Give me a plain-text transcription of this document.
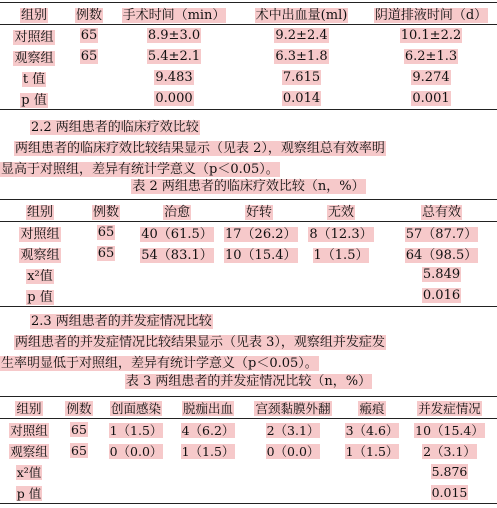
组别	例数	手术时间（min）	术中出血量(ml)	阴道排液时间（d）
对照组	65	8.9±3.0	9.2±2.4	10.1±2.2
观察组	65	5.4±2.1	6.3±1.8	6.2±1.3
t 值		9.483	7.615	9.274
p 值		0.000	0.014	0.001
2.2 两组患者的临床疗效比较
两组患者的临床疗效比较结果显示（见表 2），观察组总有效率明
显高于对照组，差异有统计学意义（p＜0.05）。
表 2 两组患者的临床疗效比较（n，%）
组别	例数	治愈	好转	无效	总有效
对照组	65	40（61.5）	17（26.2）	8（12.3）	57（87.7）
观察组	65	54（83.1）	10（15.4）	1（1.5）	64（98.5）
x²值					5.849
p 值					0.016
2.3 两组患者的并发症情况比较
两组患者的并发症情况比较结果显示（见表 3），观察组并发症发
生率明显低于对照组，差异有统计学意义（p＜0.05）。
表 3 两组患者的并发症情况比较（n，%）
组别	例数	创面感染	脱痂出血	宫颈黏膜外翻	瘢痕	并发症情况
对照组	65	1（1.5）	4（6.2）	2（3.1）	3（4.6）	10（15.4）
观察组	65	0（0.0）	1（1.5）	0（0.0）	1（1.5）	2（3.1）
x²值						5.876
p 值						0.015
